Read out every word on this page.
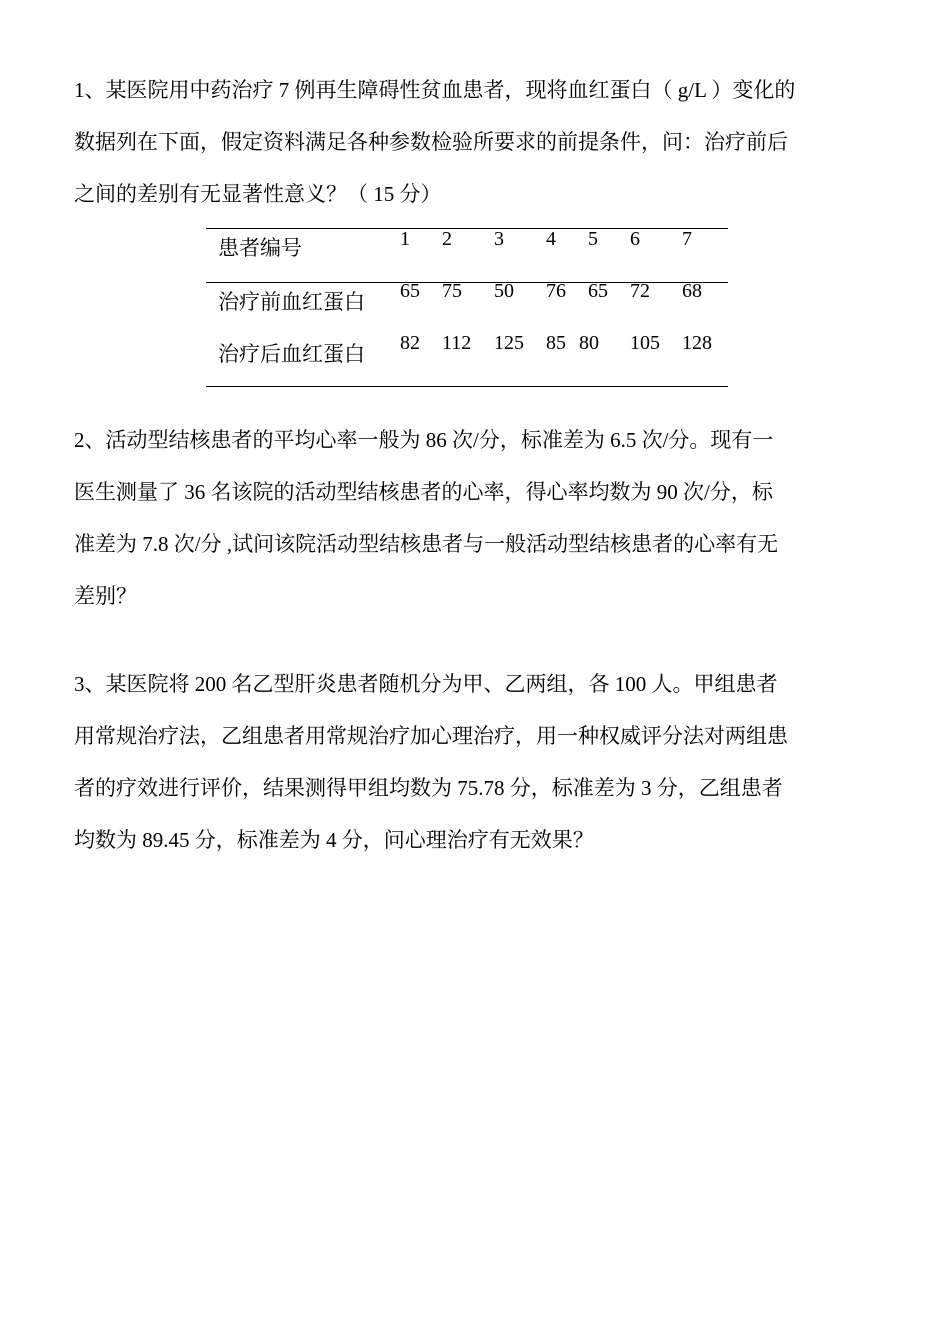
1、某医院用中药治疗 7 例再生障碍性贫血患者，现将血红蛋白（ g/L ）变化的
数据列在下面，假定资料满足各种参数检验所要求的前提条件，问：治疗前后
之间的差别有无显著性意义？（ 15 分）
患者编号
治疗前血红蛋白
治疗后血红蛋白
1 2 3 4 5 6 7
65 75 50 76 65 72 68
82 112 125 85 80 105 128
2、活动型结核患者的平均心率一般为 86 次/分，标准差为 6.5 次/分。现有一
医生测量了 36 名该院的活动型结核患者的心率，得心率均数为 90 次/分，标
准差为 7.8 次/分 ,试问该院活动型结核患者与一般活动型结核患者的心率有无
差别？
3、某医院将 200 名乙型肝炎患者随机分为甲、乙两组，各 100 人。甲组患者
用常规治疗法，乙组患者用常规治疗加心理治疗，用一种权威评分法对两组患
者的疗效进行评价，结果测得甲组均数为 75.78 分，标准差为 3 分，乙组患者
均数为 89.45 分，标准差为 4 分，问心理治疗有无效果？
